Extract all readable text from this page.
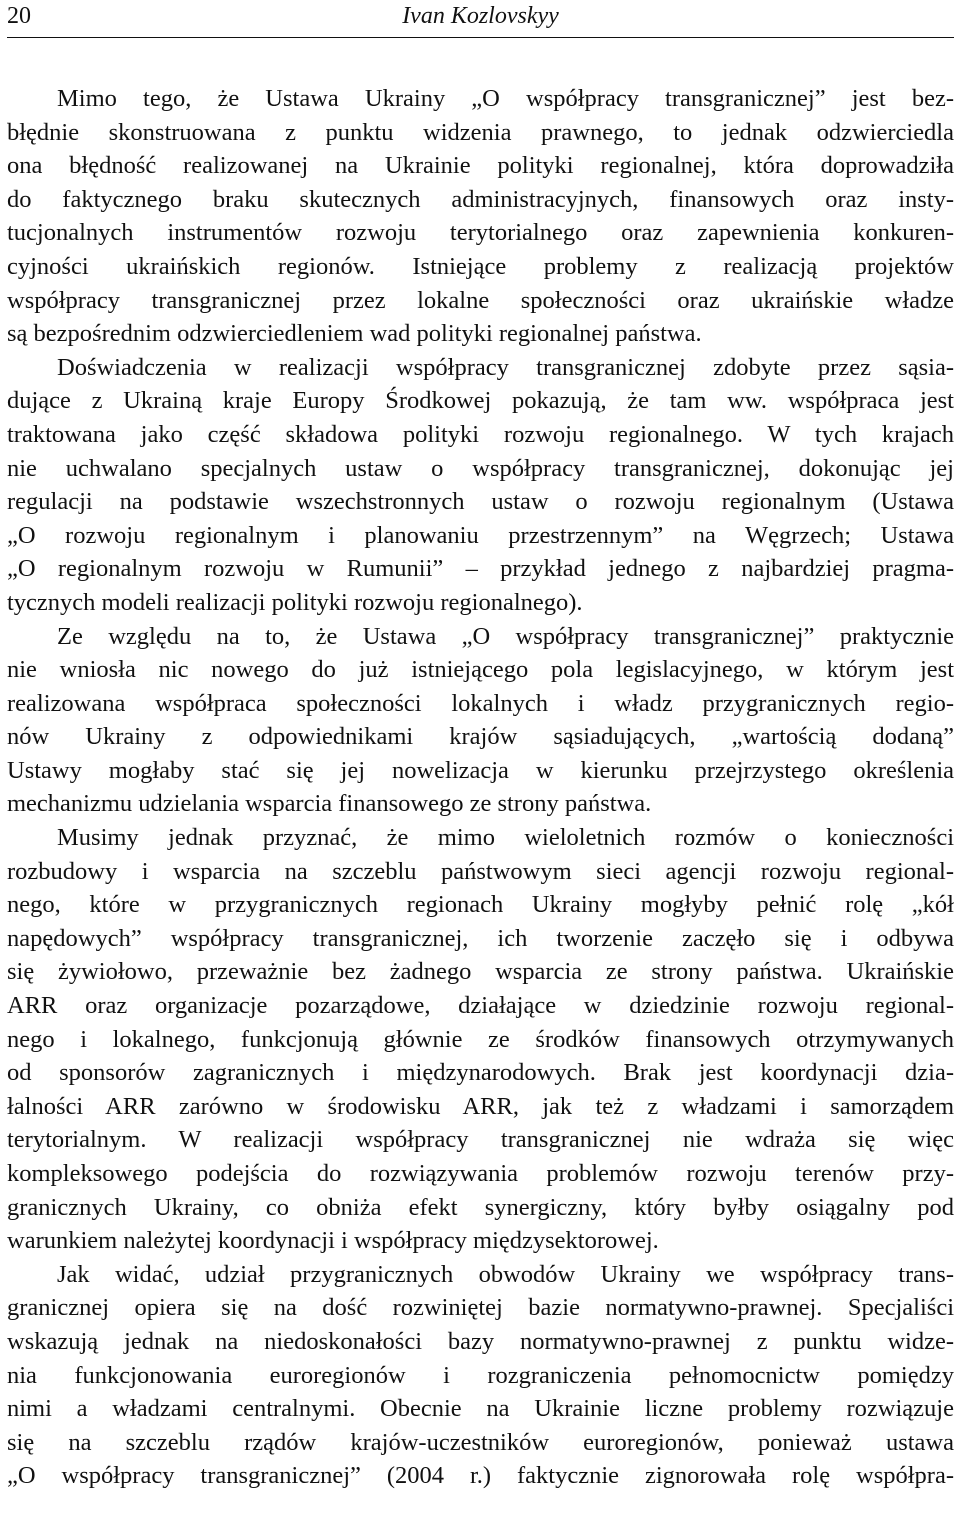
20	Ivan Kozlovskyy
Mimo tego, że Ustawa Ukrainy „O współpracy transgranicznej” jest bez-
błędnie skonstruowana z punktu widzenia prawnego, to jednak odzwierciedla
ona błędność realizowanej na Ukrainie polityki regionalnej, która doprowadziła
do faktycznego braku skutecznych administracyjnych, finansowych oraz insty-
tucjonalnych instrumentów rozwoju terytorialnego oraz zapewnienia konkuren-
cyjności ukraińskich regionów. Istniejące problemy z realizacją projektów
współpracy transgranicznej przez lokalne społeczności oraz ukraińskie władze
są bezpośrednim odzwierciedleniem wad polityki regionalnej państwa.
Doświadczenia w realizacji współpracy transgranicznej zdobyte przez sąsia-
dujące z Ukrainą kraje Europy Środkowej pokazują, że tam ww. współpraca jest
traktowana jako część składowa polityki rozwoju regionalnego. W tych krajach
nie uchwalano specjalnych ustaw o współpracy transgranicznej, dokonując jej
regulacji na podstawie wszechstronnych ustaw o rozwoju regionalnym (Ustawa
„O rozwoju regionalnym i planowaniu przestrzennym” na Węgrzech; Ustawa
„O regionalnym rozwoju w Rumunii” – przykład jednego z najbardziej pragma-
tycznych modeli realizacji polityki rozwoju regionalnego).
Ze względu na to, że Ustawa „O współpracy transgranicznej” praktycznie
nie wniosła nic nowego do już istniejącego pola legislacyjnego, w którym jest
realizowana współpraca społeczności lokalnych i władz przygranicznych regio-
nów Ukrainy z odpowiednikami krajów sąsiadujących, „wartością dodaną”
Ustawy mogłaby stać się jej nowelizacja w kierunku przejrzystego określenia
mechanizmu udzielania wsparcia finansowego ze strony państwa.
Musimy jednak przyznać, że mimo wieloletnich rozmów o konieczności
rozbudowy i wsparcia na szczeblu państwowym sieci agencji rozwoju regional-
nego, które w przygranicznych regionach Ukrainy mogłyby pełnić rolę „kół
napędowych” współpracy transgranicznej, ich tworzenie zaczęło się i odbywa
się żywiołowo, przeważnie bez żadnego wsparcia ze strony państwa. Ukraińskie
ARR oraz organizacje pozarządowe, działające w dziedzinie rozwoju regional-
nego i lokalnego, funkcjonują głównie ze środków finansowych otrzymywanych
od sponsorów zagranicznych i międzynarodowych. Brak jest koordynacji dzia-
łalności ARR zarówno w środowisku ARR, jak też z władzami i samorządem
terytorialnym. W realizacji współpracy transgranicznej nie wdraża się więc
kompleksowego podejścia do rozwiązywania problemów rozwoju terenów przy-
granicznych Ukrainy, co obniża efekt synergiczny, który byłby osiągalny pod
warunkiem należytej koordynacji i współpracy międzysektorowej.
Jak widać, udział przygranicznych obwodów Ukrainy we współpracy trans-
granicznej opiera się na dość rozwiniętej bazie normatywno-prawnej. Specjaliści
wskazują jednak na niedoskonałości bazy normatywno-prawnej z punktu widze-
nia funkcjonowania euroregionów i rozgraniczenia pełnomocnictw pomiędzy
nimi a władzami centralnymi. Obecnie na Ukrainie liczne problemy rozwiązuje
się na szczeblu rządów krajów-uczestników euroregionów, ponieważ ustawa
„O współpracy transgranicznej” (2004 r.) faktycznie zignorowała rolę współpra-
